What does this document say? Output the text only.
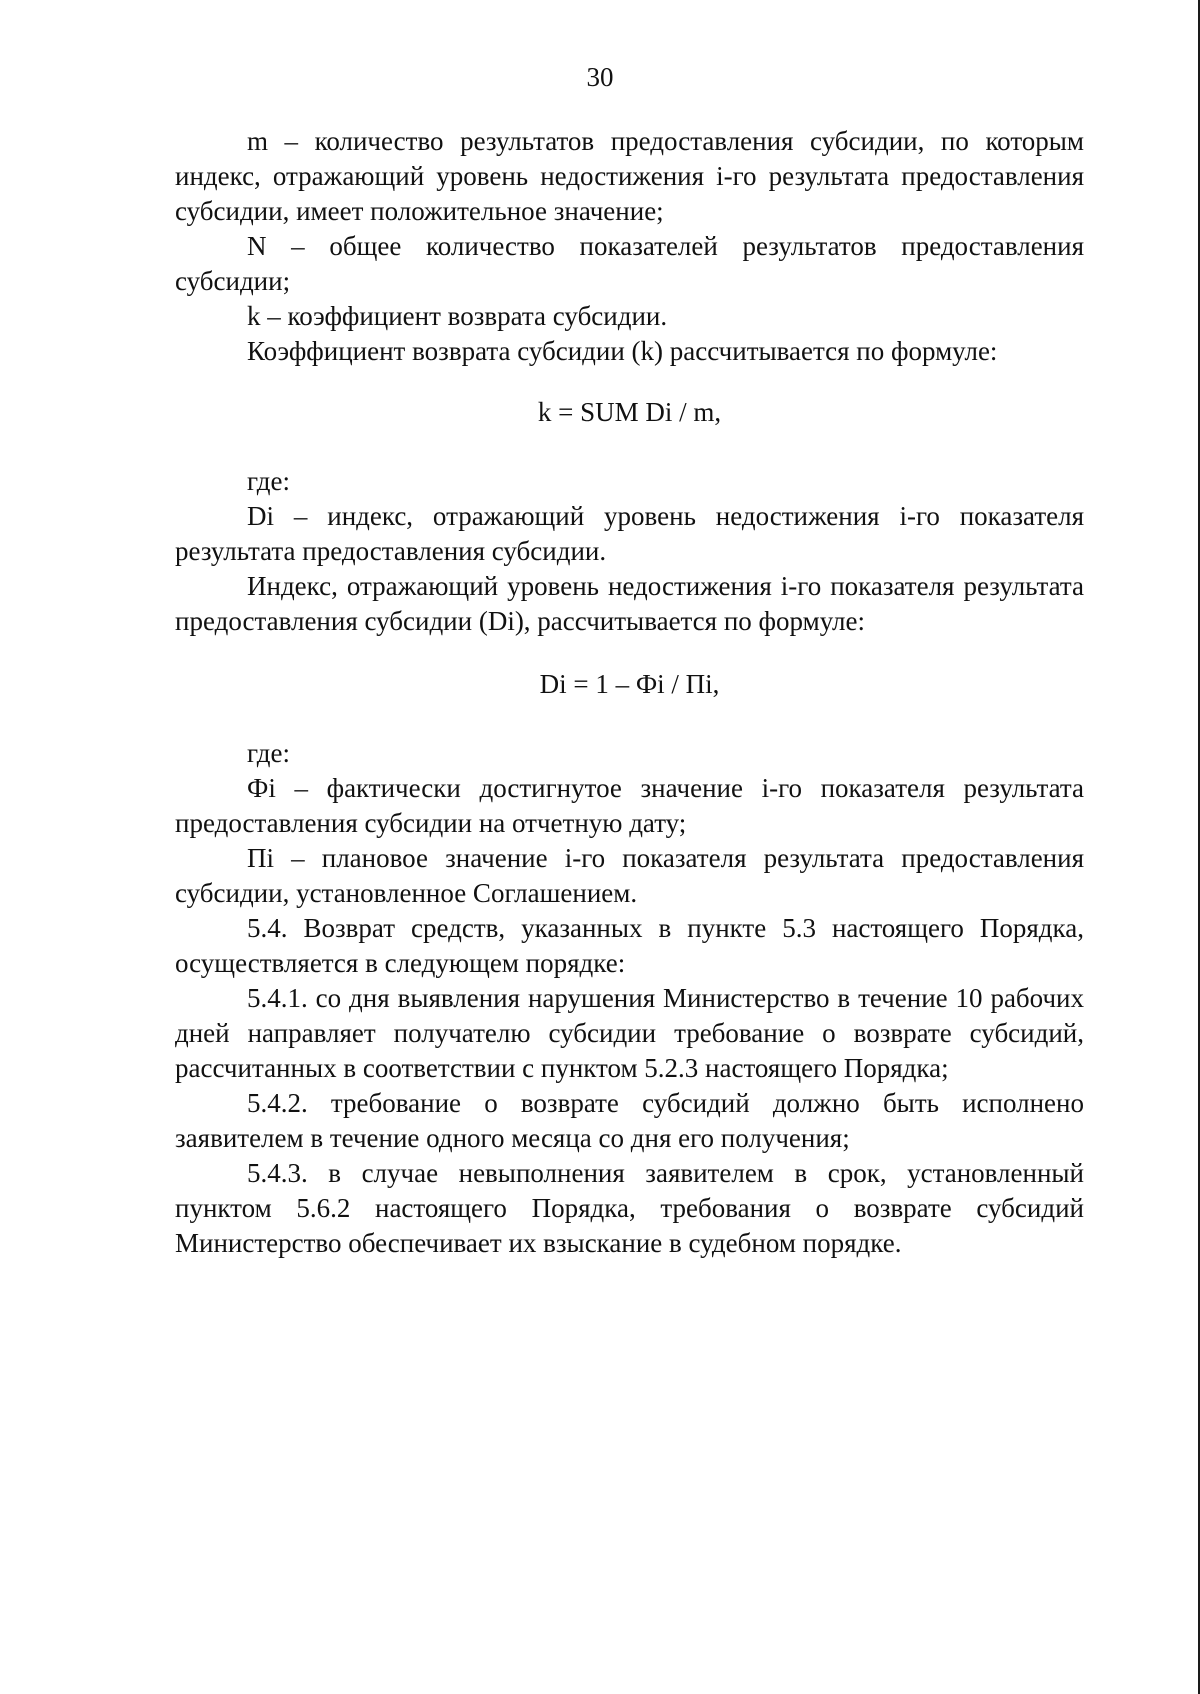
30

m – количество результатов предоставления субсидии, по которым индекс, отражающий уровень недостижения i-го результата предоставления субсидии, имеет положительное значение;

N – общее количество показателей результатов предоставления субсидии;

k – коэффициент возврата субсидии.

Коэффициент возврата субсидии (k) рассчитывается по формуле:

k = SUM Di / m,

где:

Di – индекс, отражающий уровень недостижения i-го показателя результата предоставления субсидии.

Индекс, отражающий уровень недостижения i-го показателя результата предоставления субсидии (Di), рассчитывается по формуле:

Di = 1 – Фi / Пi,

где:

Фi – фактически достигнутое значение i-го показателя результата предоставления субсидии на отчетную дату;

Пi – плановое значение i-го показателя результата предоставления субсидии, установленное Соглашением.

5.4. Возврат средств, указанных в пункте 5.3 настоящего Порядка, осуществляется в следующем порядке:

5.4.1. со дня выявления нарушения Министерство в течение 10 рабочих дней направляет получателю субсидии требование о возврате субсидий, рассчитанных в соответствии с пунктом 5.2.3 настоящего Порядка;

5.4.2. требование о возврате субсидий должно быть исполнено заявителем в течение одного месяца со дня его получения;

5.4.3. в случае невыполнения заявителем в срок, установленный пунктом 5.6.2 настоящего Порядка, требования о возврате субсидий Министерство обеспечивает их взыскание в судебном порядке.
